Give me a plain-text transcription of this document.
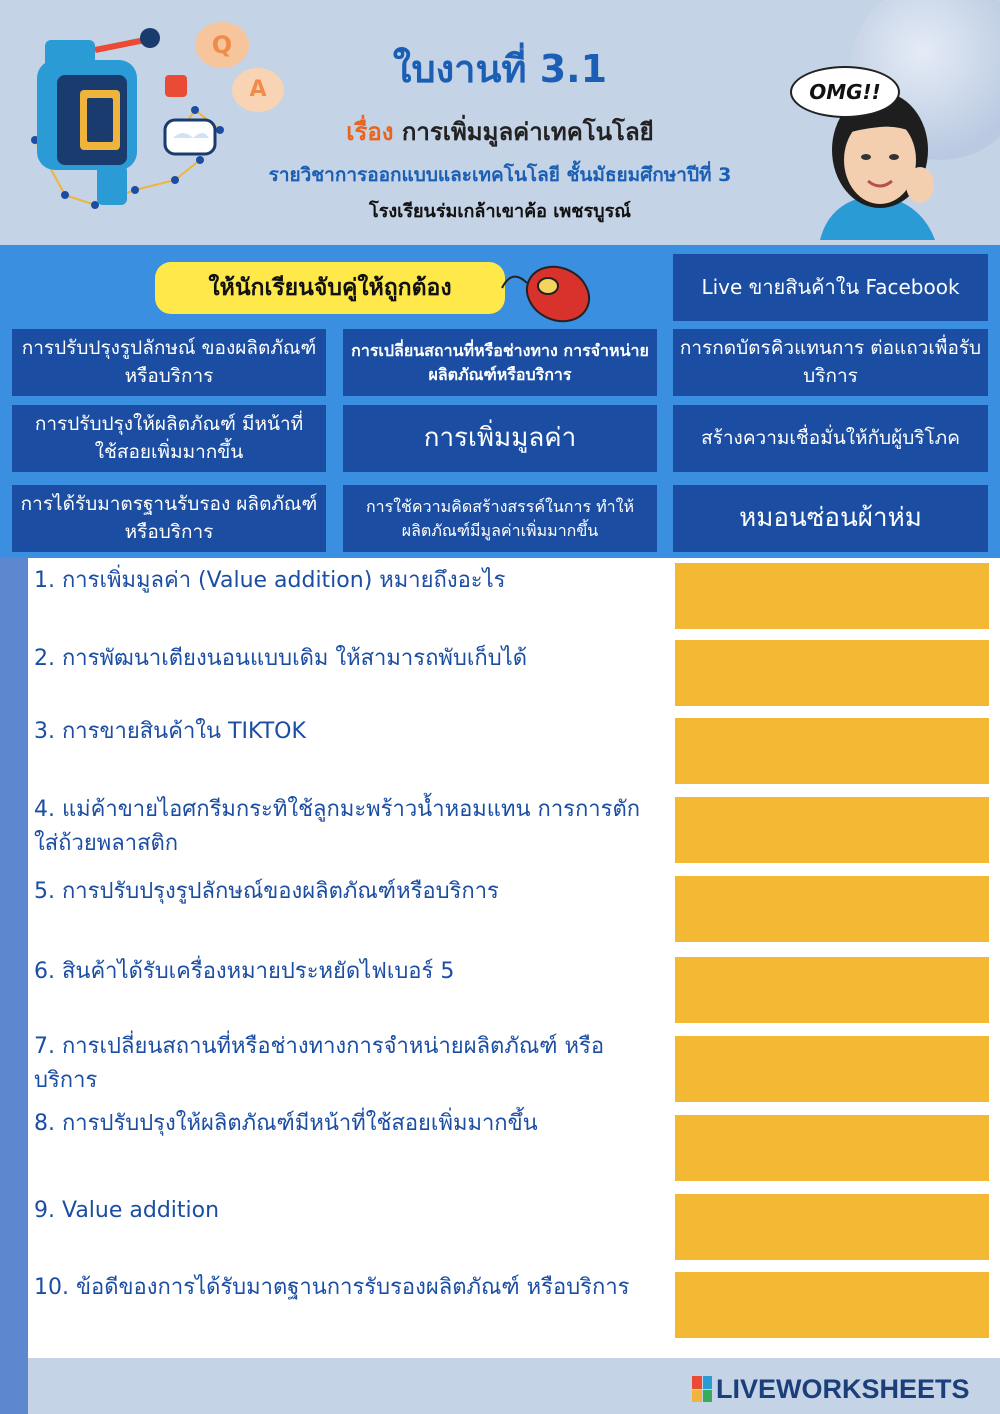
Q
A	ใบงานที่ 3.1
เรื่อง การเพิ่มมูลค่าเทคโนโลยี
รายวิชาการออกแบบและเทคโนโลยี ชั้นมัธยมศึกษาปีที่ 3
โรงเรียนร่มเกล้าเขาค้อ เพชรบูรณ์
OMG!!
ให้นักเรียนจับคู่ให้ถูกต้อง	Live ขายสินค้าใน Facebook
การปรับปรุงรูปลักษณ์ ของผลิตภัณฑ์หรือบริการ
การเปลี่ยนสถานที่หรือช่างทาง การจำหน่ายผลิตภัณฑ์หรือบริการ
การกดบัตรคิวแทนการ ต่อแถวเพื่อรับบริการ
การปรับปรุงให้ผลิตภัณฑ์ มีหน้าที่ใช้สอยเพิ่มมากขึ้น	การเพิ่มมูลค่า	สร้างความเชื่อมั่นให้กับผู้บริโภค
การได้รับมาตรฐานรับรอง ผลิตภัณฑ์หรือบริการ
การใช้ความคิดสร้างสรรค์ในการ ทำให้ผลิตภัณฑ์มีมูลค่าเพิ่มมากขึ้น	หมอนซ่อนผ้าห่ม
1. การเพิ่มมูลค่า (Value addition) หมายถึงอะไร
2. การพัฒนาเตียงนอนแบบเดิม ให้สามารถพับเก็บได้
3. การขายสินค้าใน TIKTOK
4. แม่ค้าขายไอศกรีมกระทิใช้ลูกมะพร้าวน้ำหอมแทน การการตักใส่ถ้วยพลาสติก
5. การปรับปรุงรูปลักษณ์ของผลิตภัณฑ์หรือบริการ
6. สินค้าได้รับเครื่องหมายประหยัดไฟเบอร์ 5
7. การเปลี่ยนสถานที่หรือช่างทางการจำหน่ายผลิตภัณฑ์ หรือบริการ
8. การปรับปรุงให้ผลิตภัณฑ์มีหน้าที่ใช้สอยเพิ่มมากขึ้น
9. Value addition
10. ข้อดีของการได้รับมาตฐานการรับรองผลิตภัณฑ์ หรือบริการ
LIVEWORKSHEETS
